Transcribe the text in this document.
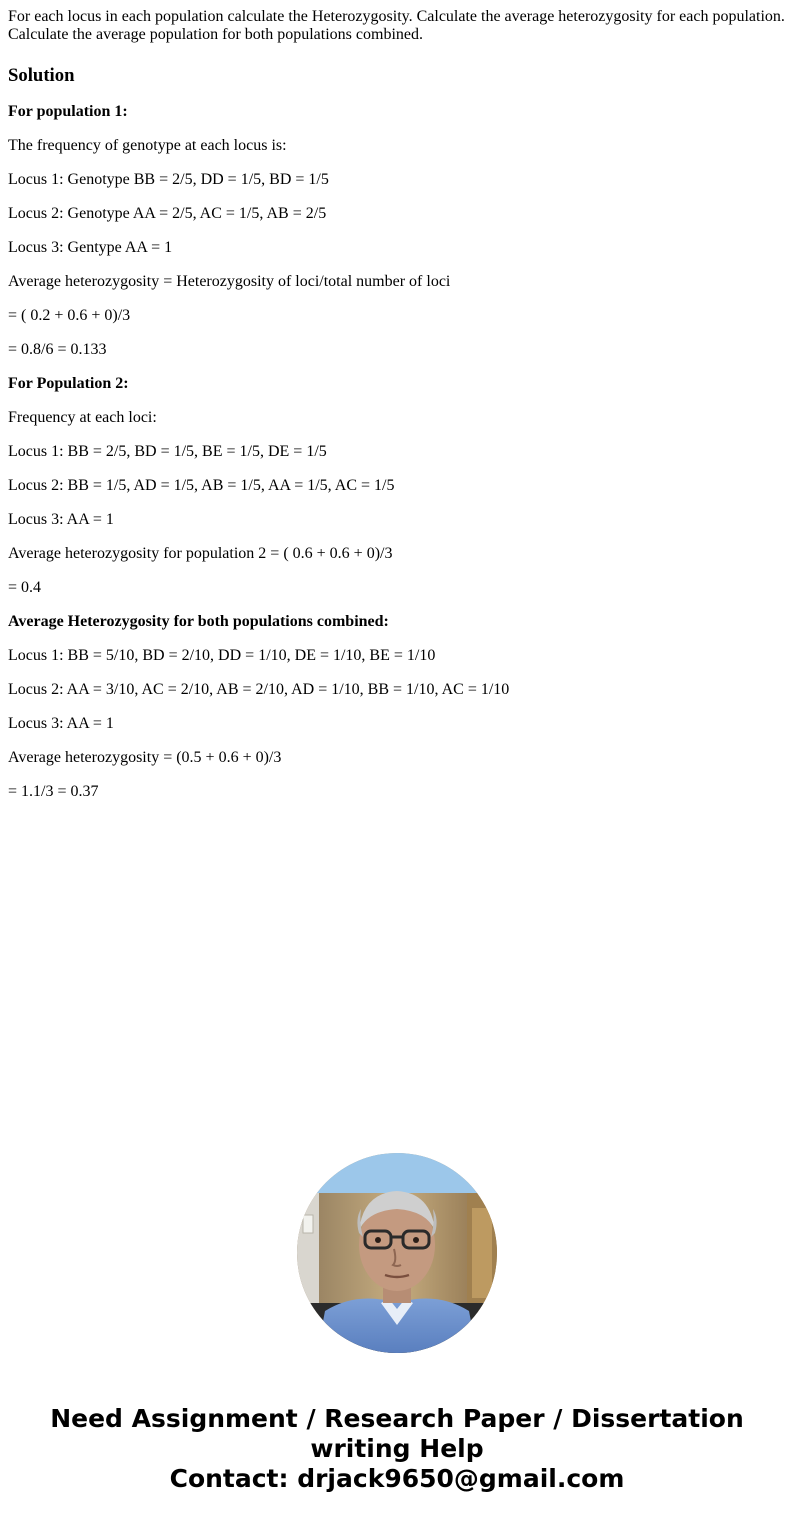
For each locus in each population calculate the Heterozygosity. Calculate the average heterozygosity for each population. Calculate the average population for both populations combined.

Solution

For population 1:

The frequency of genotype at each locus is:

Locus 1: Genotype BB = 2/5, DD = 1/5, BD = 1/5

Locus 2: Genotype AA = 2/5, AC = 1/5, AB = 2/5

Locus 3: Gentype AA = 1

Average heterozygosity = Heterozygosity of loci/total number of loci

= ( 0.2 + 0.6 + 0)/3

= 0.8/6 = 0.133

For Population 2:

Frequency at each loci:

Locus 1: BB = 2/5, BD = 1/5, BE = 1/5, DE = 1/5

Locus 2: BB = 1/5, AD = 1/5, AB = 1/5, AA = 1/5, AC = 1/5

Locus 3: AA = 1

Average heterozygosity for population 2 = ( 0.6 + 0.6 + 0)/3

= 0.4

Average Heterozygosity for both populations combined:

Locus 1: BB = 5/10, BD = 2/10, DD = 1/10, DE = 1/10, BE = 1/10

Locus 2: AA = 3/10, AC = 2/10, AB = 2/10, AD = 1/10, BB = 1/10, AC = 1/10

Locus 3: AA = 1

Average heterozygosity = (0.5 + 0.6 + 0)/3

= 1.1/3 = 0.37

Need Assignment / Research Paper / Dissertation
writing Help
Contact: drjack9650@gmail.com
